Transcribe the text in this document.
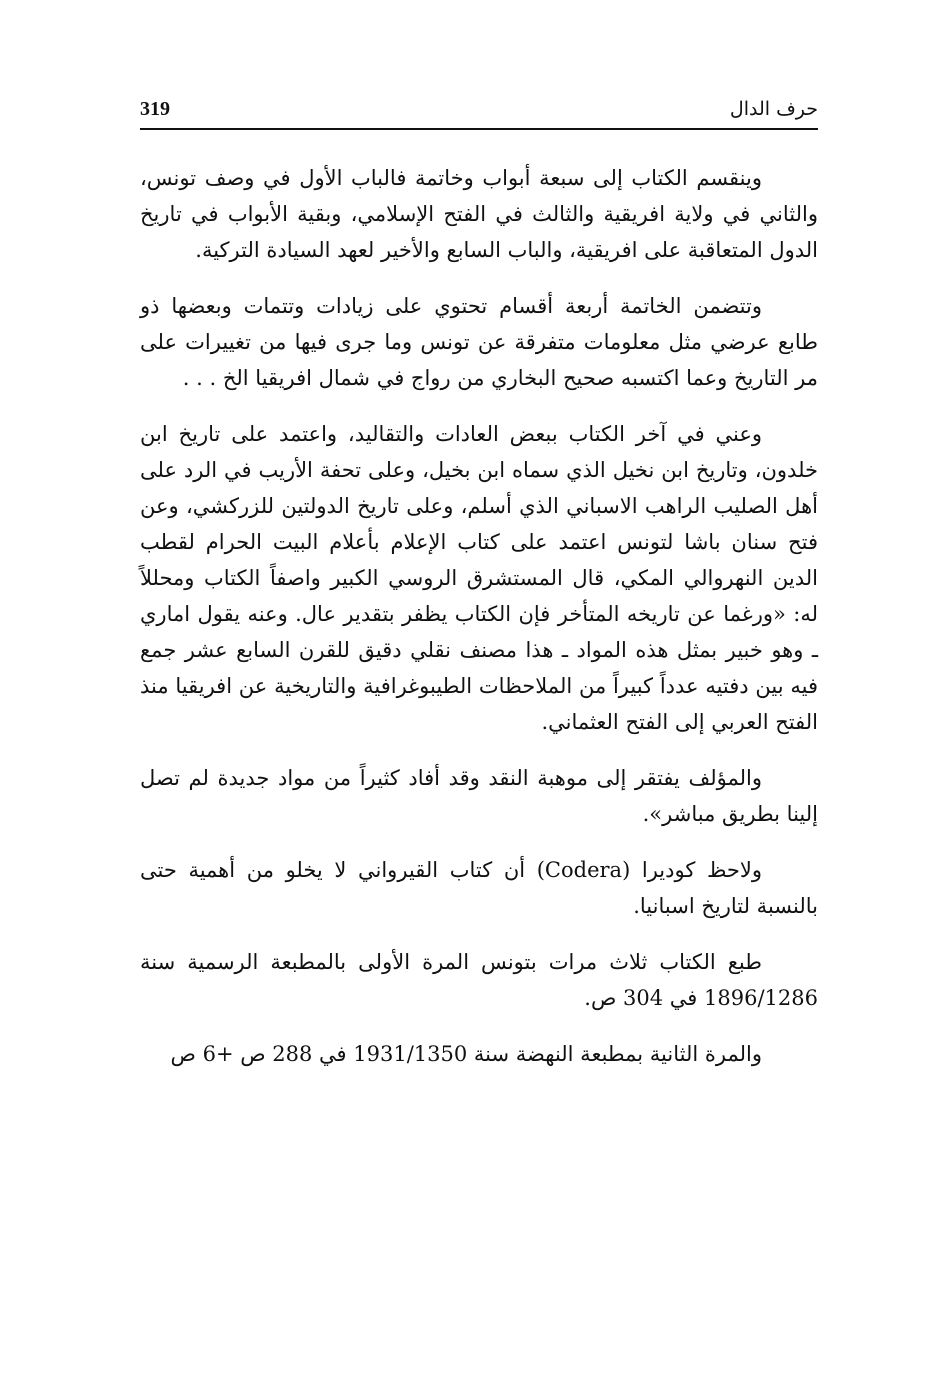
حرف الدال
319

وينقسم الكتاب إلى سبعة أبواب وخاتمة فالباب الأول في وصف تونس، والثاني في ولاية افريقية والثالث في الفتح الإسلامي، وبقية الأبواب في تاريخ الدول المتعاقبة على افريقية، والباب السابع والأخير لعهد السيادة التركية.

وتتضمن الخاتمة أربعة أقسام تحتوي على زيادات وتتمات وبعضها ذو طابع عرضي مثل معلومات متفرقة عن تونس وما جرى فيها من تغييرات على مر التاريخ وعما اكتسبه صحيح البخاري من رواج في شمال افريقيا الخ . . .

وعني في آخر الكتاب ببعض العادات والتقاليد، واعتمد على تاريخ ابن خلدون، وتاريخ ابن نخيل الذي سماه ابن بخيل، وعلى تحفة الأريب في الرد على أهل الصليب الراهب الاسباني الذي أسلم، وعلى تاريخ الدولتين للزركشي، وعن فتح سنان باشا لتونس اعتمد على كتاب الإعلام بأعلام البيت الحرام لقطب الدين النهروالي المكي، قال المستشرق الروسي الكبير واصفاً الكتاب ومحللاً له: «ورغما عن تاريخه المتأخر فإن الكتاب يظفر بتقدير عال. وعنه يقول اماري ـ وهو خبير بمثل هذه المواد ـ هذا مصنف نقلي دقيق للقرن السابع عشر جمع فيه بين دفتيه عدداً كبيراً من الملاحظات الطيبوغرافية والتاريخية عن افريقيا منذ الفتح العربي إلى الفتح العثماني.

والمؤلف يفتقر إلى موهبة النقد وقد أفاد كثيراً من مواد جديدة لم تصل إلينا بطريق مباشر».

ولاحظ كوديرا (Codera) أن كتاب القيرواني لا يخلو من أهمية حتى بالنسبة لتاريخ اسبانيا.

طبع الكتاب ثلاث مرات بتونس المرة الأولى بالمطبعة الرسمية سنة 1896/1286 في 304 ص.

والمرة الثانية بمطبعة النهضة سنة 1931/1350 في 288 ص +6 ص
